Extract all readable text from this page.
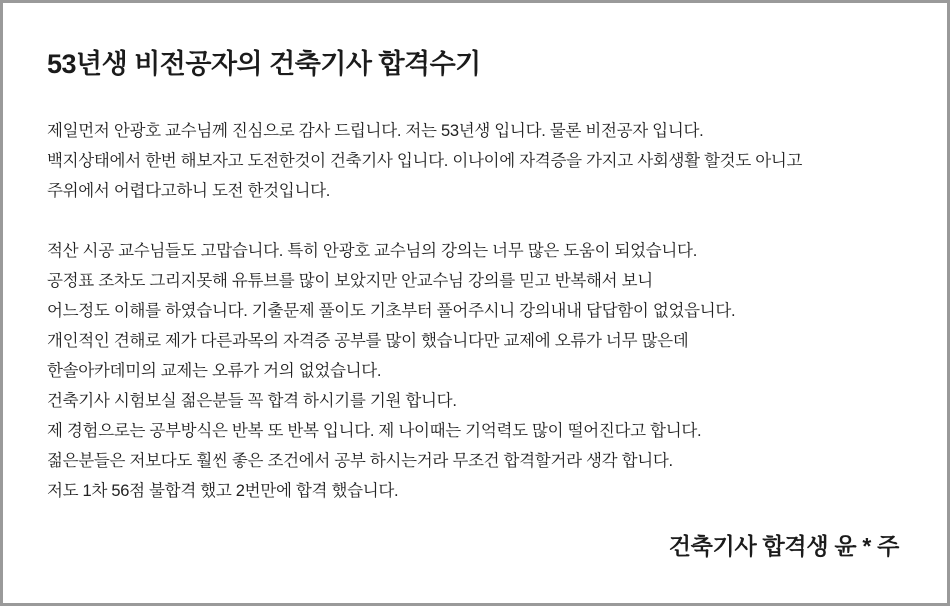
53년생 비전공자의 건축기사 합격수기
제일먼저 안광호 교수님께 진심으로 감사 드립니다. 저는 53년생 입니다. 물론 비전공자 입니다.
백지상태에서 한번 해보자고 도전한것이 건축기사 입니다. 이나이에 자격증을 가지고 사회생활 할것도 아니고
주위에서 어렵다고하니 도전 한것입니다.
적산 시공 교수님들도 고맙습니다. 특히 안광호 교수님의 강의는 너무 많은 도움이 되었습니다.
공정표 조차도 그리지못해 유튜브를 많이 보았지만 안교수님 강의를 믿고 반복해서 보니
어느정도 이해를 하였습니다. 기출문제 풀이도 기초부터 풀어주시니 강의내내 답답함이 없었읍니다.
개인적인 견해로 제가 다른과목의 자격증 공부를 많이 했습니다만 교제에 오류가 너무 많은데
한솔아카데미의 교제는 오류가 거의 없었습니다.
건축기사 시험보실 젊은분들 꼭 합격 하시기를 기원 합니다.
제 경험으로는 공부방식은 반복 또 반복 입니다. 제 나이때는 기억력도 많이 떨어진다고 합니다.
젊은분들은 저보다도 훨씬 좋은 조건에서 공부 하시는거라 무조건 합격할거라 생각 합니다.
저도 1차 56점 불합격 했고 2번만에 합격 했습니다.
건축기사 합격생 윤 * 주
